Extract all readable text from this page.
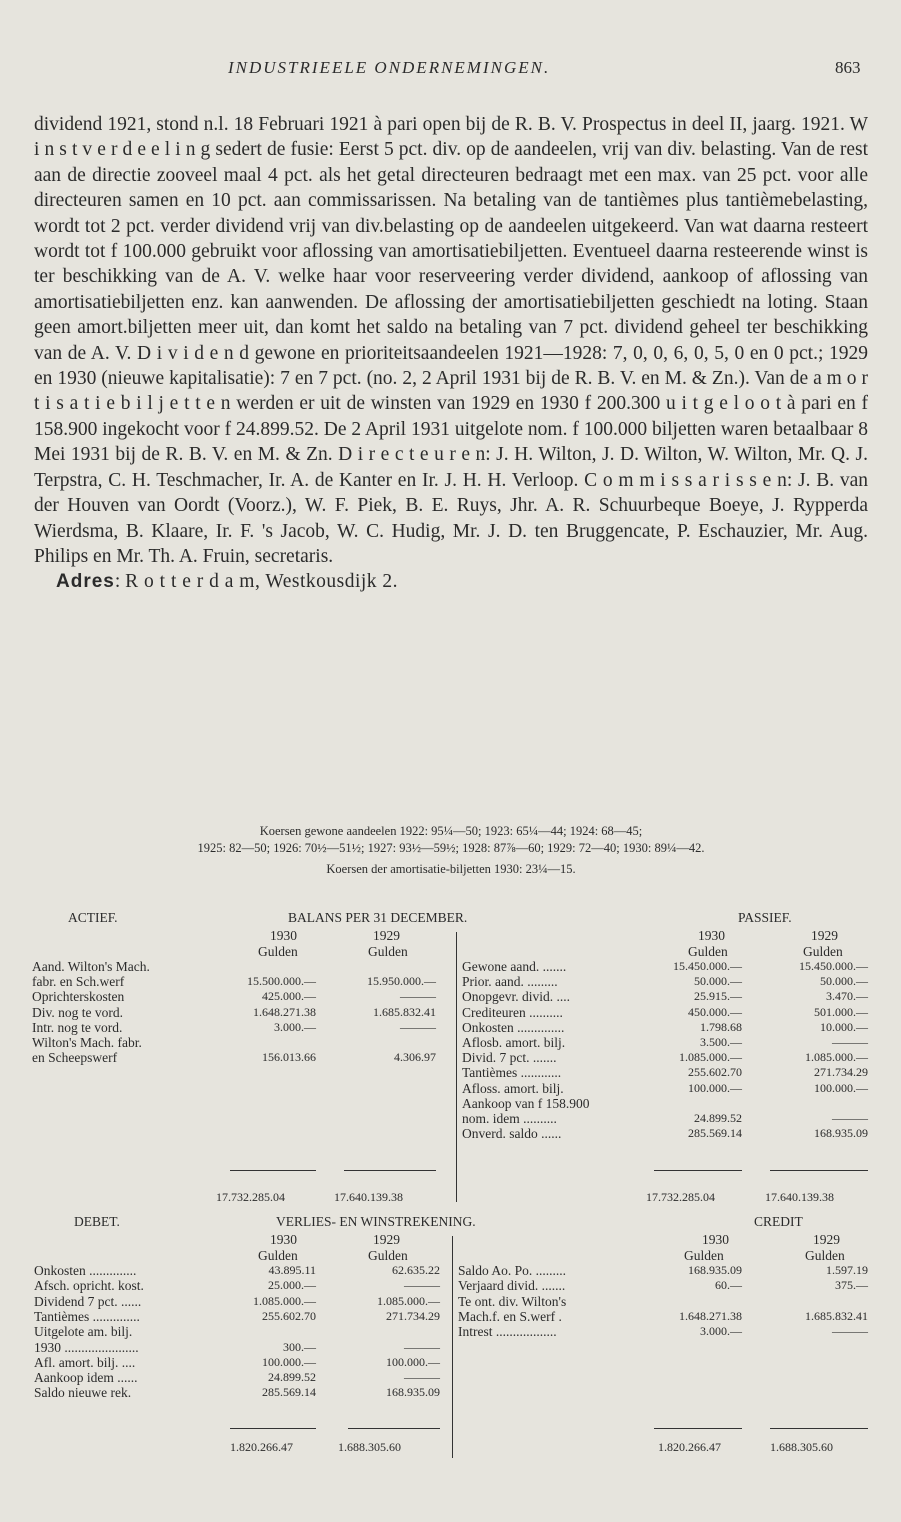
INDUSTRIEELE ONDERNEMINGEN.	863

dividend 1921, stond n.l. 18 Februari 1921 à pari open bij de R. B. V. Prospectus in deel II, jaarg. 1921. W i n s t v e r d e e l i n g sedert de fusie: Eerst 5 pct. div. op de aandeelen, vrij van div. belasting. Van de rest aan de directie zooveel maal 4 pct. als het getal directeuren bedraagt met een max. van 25 pct. voor alle directeuren samen en 10 pct. aan commissarissen. Na betaling van de tantièmes plus tantièmebelasting, wordt tot 2 pct. verder dividend vrij van div.belasting op de aandeelen uitgekeerd. Van wat daarna resteert wordt tot f 100.000 gebruikt voor aflossing van amortisatiebiljetten. Eventueel daarna resteerende winst is ter beschikking van de A. V. welke haar voor reserveering verder dividend, aankoop of aflossing van amortisatiebiljetten enz. kan aanwenden. De aflossing der amortisatiebiljetten geschiedt na loting. Staan geen amort.biljetten meer uit, dan komt het saldo na betaling van 7 pct. dividend geheel ter beschikking van de A. V. D i v i d e n d gewone en prioriteitsaandeelen 1921—1928: 7, 0, 0, 6, 0, 5, 0 en 0 pct.; 1929 en 1930 (nieuwe kapitalisatie): 7 en 7 pct. (no. 2, 2 April 1931 bij de R. B. V. en M. & Zn.). Van de a m o r t i s a t i e b i l j e t t e n werden er uit de winsten van 1929 en 1930 f 200.300 u i t g e l o o t à pari en f 158.900 ingekocht voor f 24.899.52. De 2 April 1931 uitgelote nom. f 100.000 biljetten waren betaalbaar 8 Mei 1931 bij de R. B. V. en M. & Zn. D i r e c t e u r e n: J. H. Wilton, J. D. Wilton, W. Wilton, Mr. Q. J. Terpstra, C. H. Teschmacher, Ir. A. de Kanter en Ir. J. H. H. Verloop. C o m m i s s a r i s s e n: J. B. van der Houven van Oordt (Voorz.), W. F. Piek, B. E. Ruys, Jhr. A. R. Schuurbeque Boeye, J. Rypperda Wierdsma, B. Klaare, Ir. F. 's Jacob, W. C. Hudig, Mr. J. D. ten Bruggencate, P. Eschauzier, Mr. Aug. Philips en Mr. Th. A. Fruin, secretaris.

Adres: R o t t e r d a m, Westkousdijk 2.

Koersen gewone aandeelen 1922: 95¼—50; 1923: 65¼—44; 1924: 68—45;
1925: 82—50; 1926: 70½—51½; 1927: 93½—59½; 1928: 87⅞—60; 1929: 72—40; 1930: 89¼—42.
Koersen der amortisatie-biljetten 1930: 23¼—15.
ACTIEF.	BALANS PER 31 DECEMBER.	PASSIEF.
1930	1929
Gulden	Gulden
1930	1929
Gulden	Gulden
Aand. Wilton's Mach.
fabr. en Sch.werf	15.500.000.—	15.950.000.—
Oprichterskosten	425.000.—	———
Div. nog te vord.	1.648.271.38	1.685.832.41
Intr. nog te vord.	3.000.—	———
Wilton's Mach. fabr.
en Scheepswerf	156.013.66	4.306.97
Gewone aand. .......	15.450.000.—	15.450.000.—
Prior. aand. .........	50.000.—	50.000.—
Onopgevr. divid. ....	25.915.—	3.470.—
Crediteuren ..........	450.000.—	501.000.—
Onkosten ..............	1.798.68	10.000.—
Aflosb. amort. bilj.	3.500.—	———
Divid. 7 pct. .......	1.085.000.—	1.085.000.—
Tantièmes ............	255.602.70	271.734.29
Afloss. amort. bilj.	100.000.—	100.000.—
Aankoop van f 158.900
nom. idem ..........	24.899.52	———
Onverd. saldo ......	285.569.14	168.935.09
17.732.285.04	17.640.139.38	17.732.285.04	17.640.139.38
DEBET.	VERLIES- EN WINSTREKENING.	CREDIT
1930	1929
Gulden	Gulden
1930	1929
Gulden	Gulden
Onkosten ..............	43.895.11	62.635.22
Afsch. opricht. kost.	25.000.—	———
Dividend 7 pct. ......	1.085.000.—	1.085.000.—
Tantièmes ..............	255.602.70	271.734.29
Uitgelote am. bilj.
1930 ......................	300.—	———
Afl. amort. bilj. ....	100.000.—	100.000.—
Aankoop idem ......	24.899.52	———
Saldo nieuwe rek.	285.569.14	168.935.09
Saldo Ao. Po. .........	168.935.09	1.597.19
Verjaard divid. .......	60.—	375.—
Te ont. div. Wilton's
Mach.f. en S.werf .	1.648.271.38	1.685.832.41
Intrest ..................	3.000.—	———
1.820.266.47	1.688.305.60	1.820.266.47	1.688.305.60
